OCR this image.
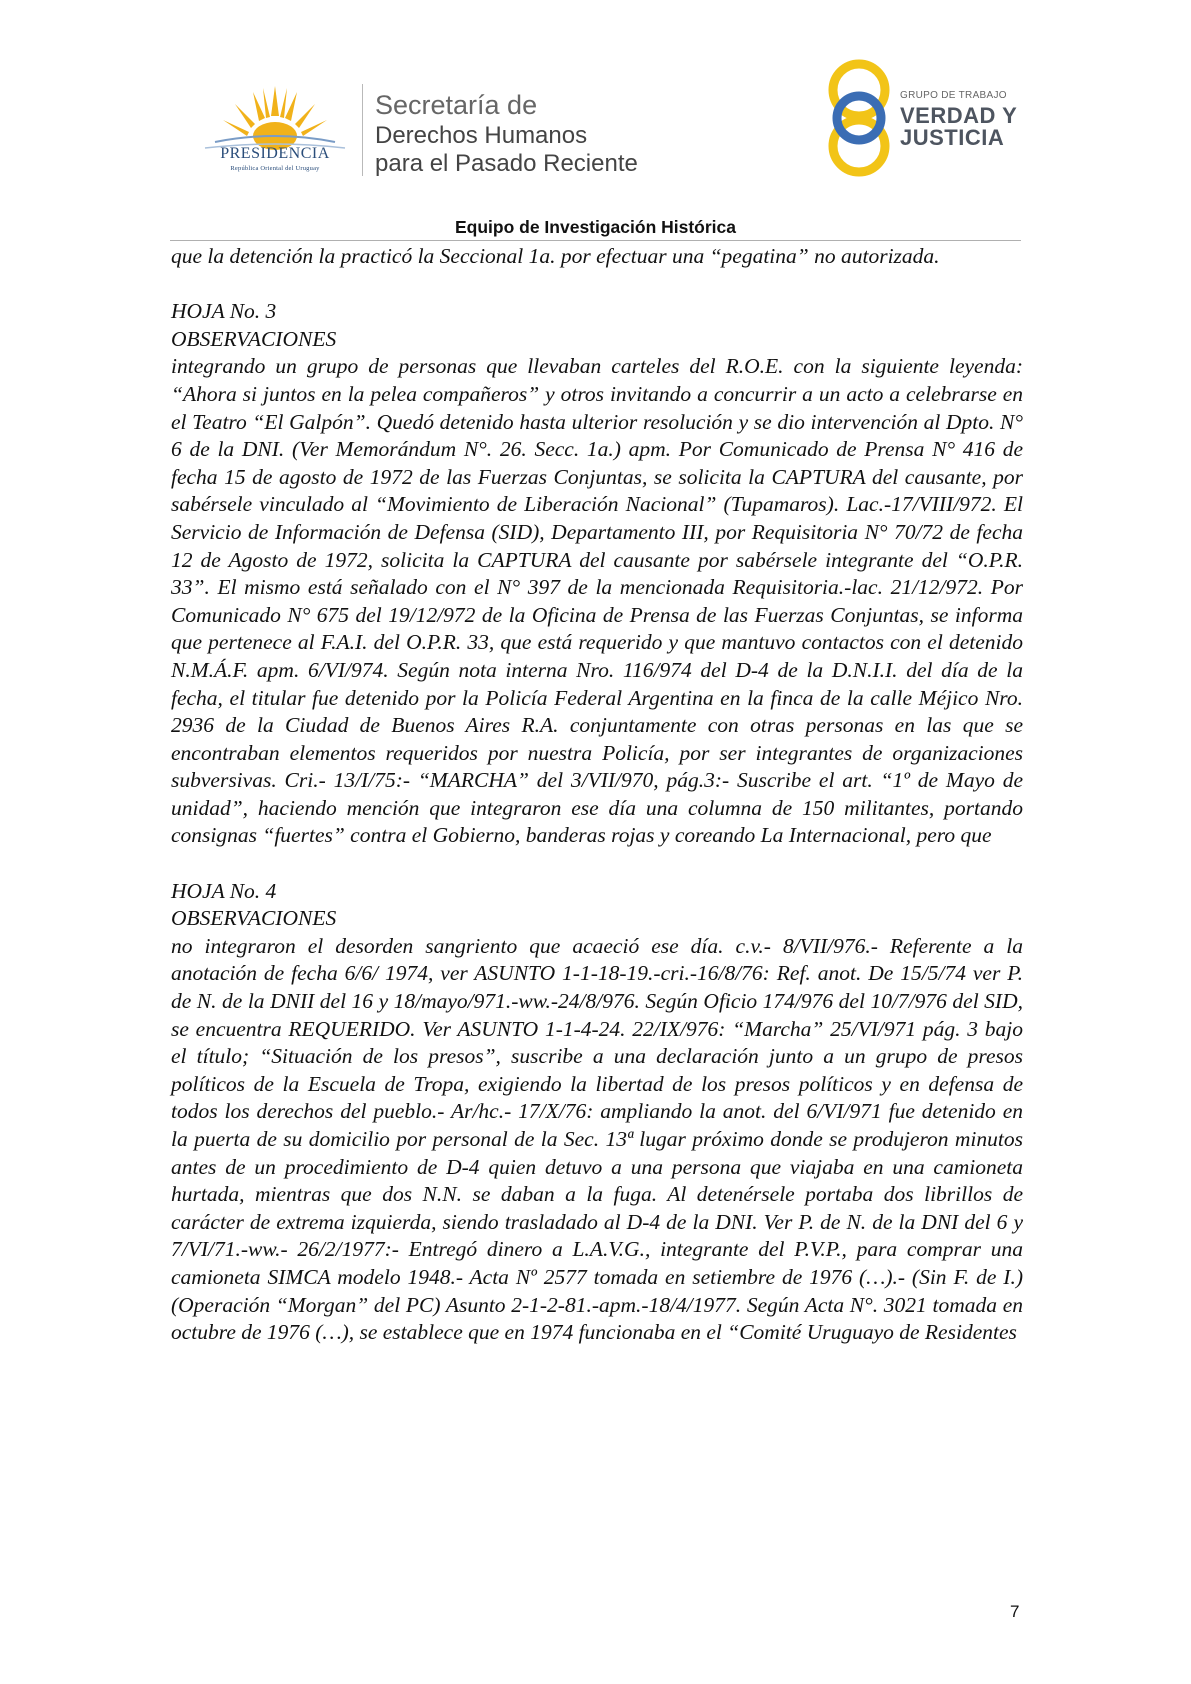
PRESIDENCIA
República Oriental del Uruguay
Secretaría de
Derechos Humanos
para el Pasado Reciente
GRUPO DE TRABAJO
VERDAD Y
JUSTICIA
Equipo de Investigación Histórica

que la detención la practicó la Seccional 1a. por efectuar una “pegatina” no autorizada.

HOJA No. 3

OBSERVACIONES

integrando un grupo de personas que llevaban carteles del R.O.E. con la siguiente leyenda: “Ahora si juntos en la pelea compañeros” y otros invitando a concurrir a un acto a celebrarse en el Teatro “El Galpón”. Quedó detenido hasta ulterior resolución y se dio intervención al Dpto. N° 6 de la DNI. (Ver Memorándum N°. 26. Secc. 1a.) apm. Por Comunicado de Prensa N° 416 de fecha 15 de agosto de 1972 de las Fuerzas Conjuntas, se solicita la CAPTURA del causante, por sabérsele vinculado al “Movimiento de Liberación Nacional” (Tupamaros). Lac.-17/VIII/972. El Servicio de Información de Defensa (SID), Departamento III, por Requisitoria N° 70/72 de fecha 12 de Agosto de 1972, solicita la CAPTURA del causante por sabérsele integrante del “O.P.R. 33”. El mismo está señalado con el N° 397 de la mencionada Requisitoria.-lac. 21/12/972. Por Comunicado N° 675 del 19/12/972 de la Oficina de Prensa de las Fuerzas Conjuntas, se informa que pertenece al F.A.I. del O.P.R. 33, que está requerido y que mantuvo contactos con el detenido N.M.Á.F. apm. 6/VI/974. Según nota interna Nro. 116/974 del D-4 de la D.N.I.I. del día de la fecha, el titular fue detenido por la Policía Federal Argentina en la finca de la calle Méjico Nro. 2936 de la Ciudad de Buenos Aires R.A. conjuntamente con otras personas en las que se encontraban elementos requeridos por nuestra Policía, por ser integrantes de organizaciones subversivas. Cri.- 13/I/75:- “MARCHA” del 3/VII/970, pág.3:- Suscribe el art. “1º de Mayo de unidad”, haciendo mención que integraron ese día una columna de 150 militantes, portando consignas “fuertes” contra el Gobierno, banderas rojas y coreando La Internacional, pero que

HOJA No. 4

OBSERVACIONES

no integraron el desorden sangriento que acaeció ese día. c.v.- 8/VII/976.- Referente a la anotación de fecha 6/6/ 1974, ver ASUNTO 1-1-18-19.-cri.-16/8/76: Ref. anot. De 15/5/74 ver P. de N. de la DNII del 16 y 18/mayo/971.-ww.-24/8/976. Según Oficio 174/976 del 10/7/976 del SID, se encuentra REQUERIDO. Ver ASUNTO 1-1-4-24. 22/IX/976: “Marcha” 25/VI/971 pág. 3 bajo el título; “Situación de los presos”, suscribe a una declaración junto a un grupo de presos políticos de la Escuela de Tropa, exigiendo la libertad de los presos políticos y en defensa de todos los derechos del pueblo.- Ar/hc.- 17/X/76: ampliando la anot. del 6/VI/971 fue detenido en la puerta de su domicilio por personal de la Sec. 13ª lugar próximo donde se produjeron minutos antes de un procedimiento de D-4 quien detuvo a una persona que viajaba en una camioneta hurtada, mientras que dos N.N. se daban a la fuga. Al detenérsele portaba dos librillos de carácter de extrema izquierda, siendo trasladado al D-4 de la DNI. Ver P. de N. de la DNI del 6 y 7/VI/71.-ww.- 26/2/1977:- Entregó dinero a L.A.V.G., integrante del P.V.P., para comprar una camioneta SIMCA modelo 1948.- Acta Nº 2577 tomada en setiembre de 1976 (…).- (Sin F. de I.) (Operación “Morgan” del PC) Asunto 2-1-2-81.-apm.-18/4/1977. Según Acta N°. 3021 tomada en octubre de 1976 (…), se establece que en 1974 funcionaba en el “Comité Uruguayo de Residentes

7
